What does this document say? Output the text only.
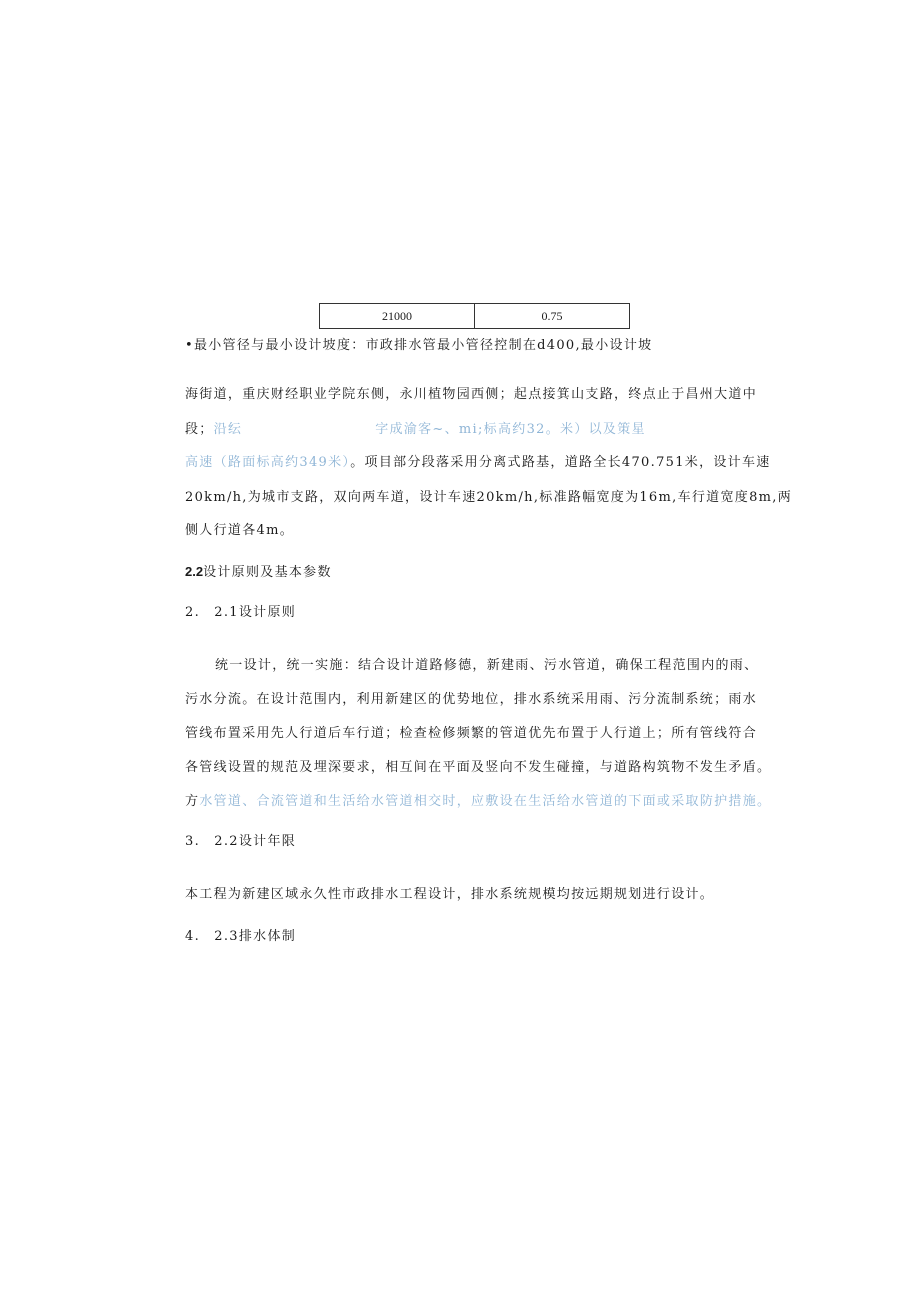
21000	0.75
•最小管径与最小设计坡度：市政排水管最小管径控制在d400,最小设计坡
海街道，重庆财经职业学院东侧，永川植物园西侧；起点接箕山支路，终点止于昌州大道中
段；沿纭	字成渝客~、mi;标高约32。米）以及策星
高速（路面标高约349米）。项目部分段落采用分离式路基，道路全长470.751米，设计车速
20km/h,为城市支路，双向两车道，设计车速20km/h,标准路幅宽度为16m,车行道宽度8m,两
侧人行道各4m。
2.2设计原则及基本参数
2.　2.1设计原则
统一设计，统一实施：结合设计道路修德，新建雨、污水管道，确保工程范围内的雨、
污水分流。在设计范围内，利用新建区的优势地位，排水系统采用雨、污分流制系统；雨水
管线布置采用先人行道后车行道；检查检修频繁的管道优先布置于人行道上；所有管线符合
各管线设置的规范及埋深要求，相互间在平面及竖向不发生碰撞，与道路构筑物不发生矛盾。
方水管道、合流管道和生活给水管道相交时，应敷设在生活给水管道的下面或采取防护措施。
3.　2.2设计年限
本工程为新建区域永久性市政排水工程设计，排水系统规模均按远期规划进行设计。
4.　2.3排水体制
